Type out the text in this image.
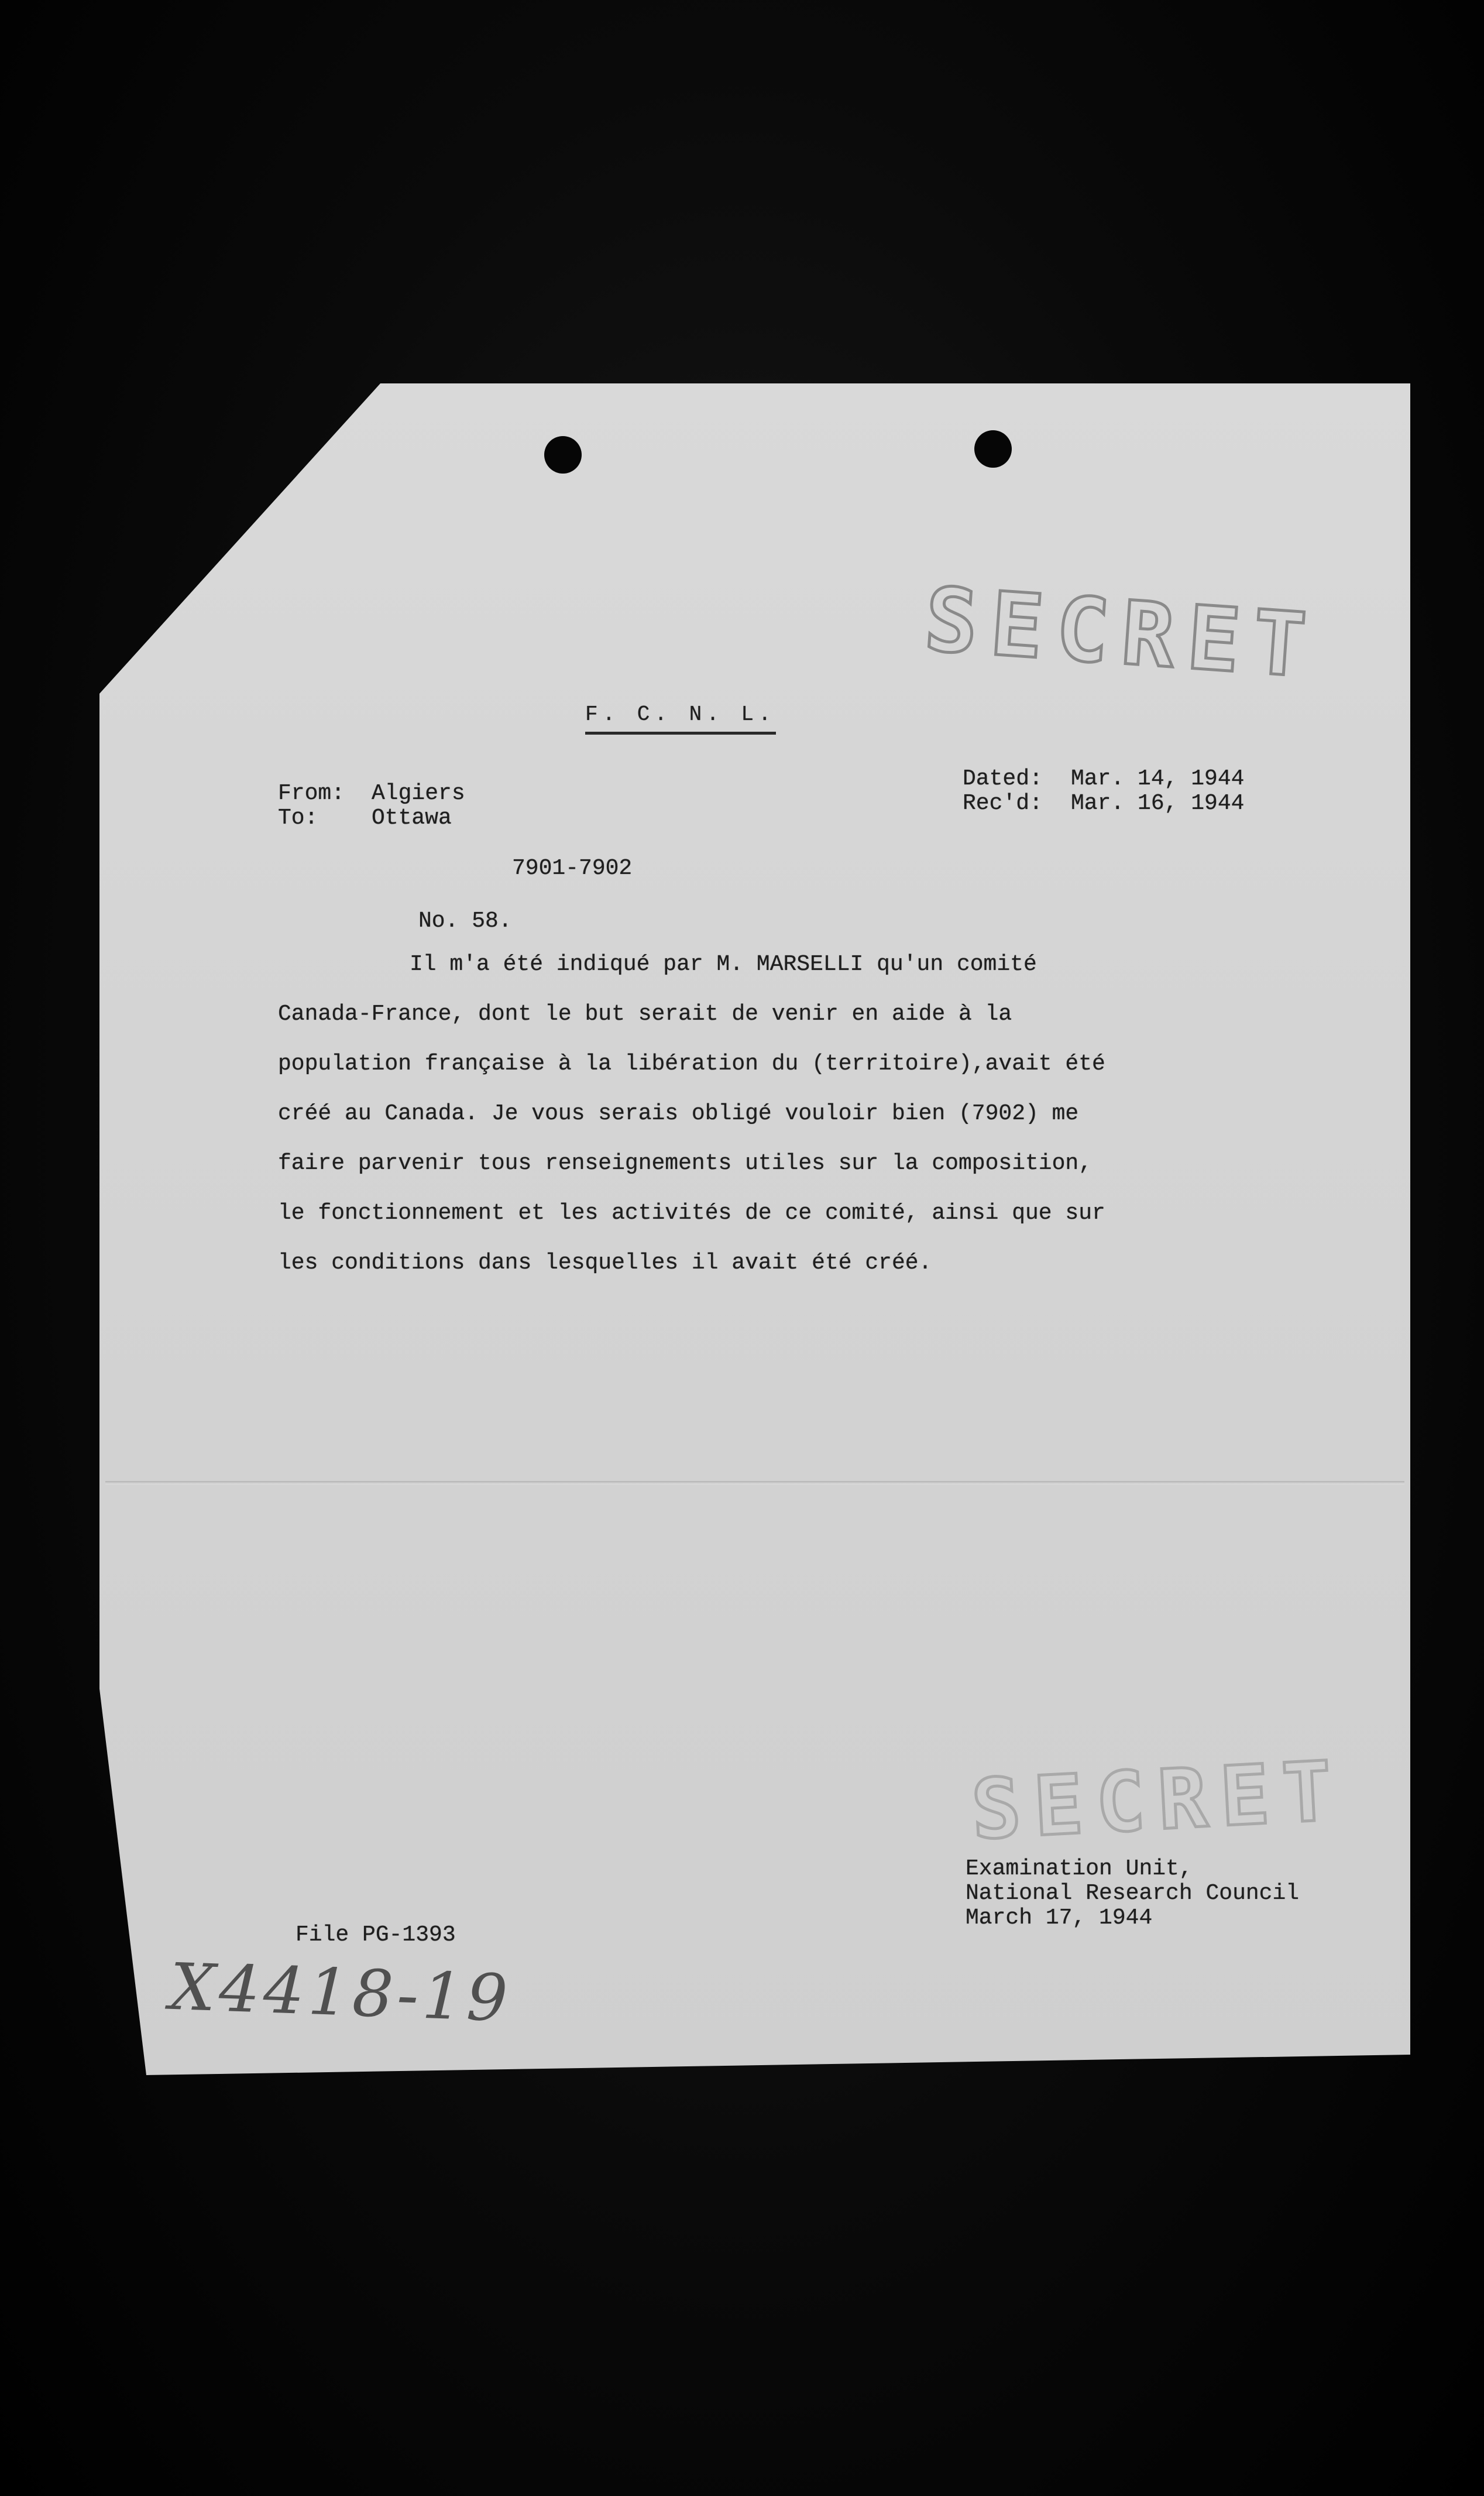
SECRET
F. C. N. L.
From:	Algiers
To:	Ottawa
Dated:	Mar. 14, 1944
Rec'd:	Mar. 16, 1944
7901-7902
No. 58.
Il m'a été indiqué par M. MARSELLI qu'un comité
Canada-France, dont le but serait de venir en aide à la
population française à la libération du (territoire),avait été
créé au Canada. Je vous serais obligé vouloir bien (7902) me
faire parvenir tous renseignements utiles sur la composition,
le fonctionnement et les activités de ce comité, ainsi que sur
les conditions dans lesquelles il avait été créé.
SECRET
Examination Unit,
National Research Council
March 17, 1944
File PG-1393
X4418-19
